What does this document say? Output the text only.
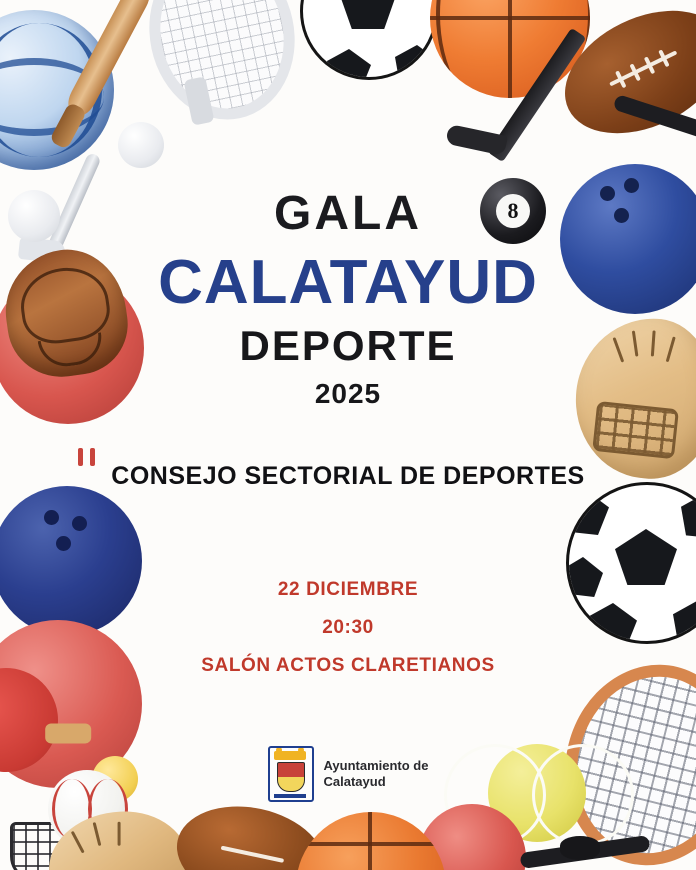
8
GALA
CALATAYUD
DEPORTE
2025
CONSEJO SECTORIAL DE DEPORTES
22 DICIEMBRE
20:30
SALÓN ACTOS CLARETIANOS
Ayuntamiento de
Calatayud
